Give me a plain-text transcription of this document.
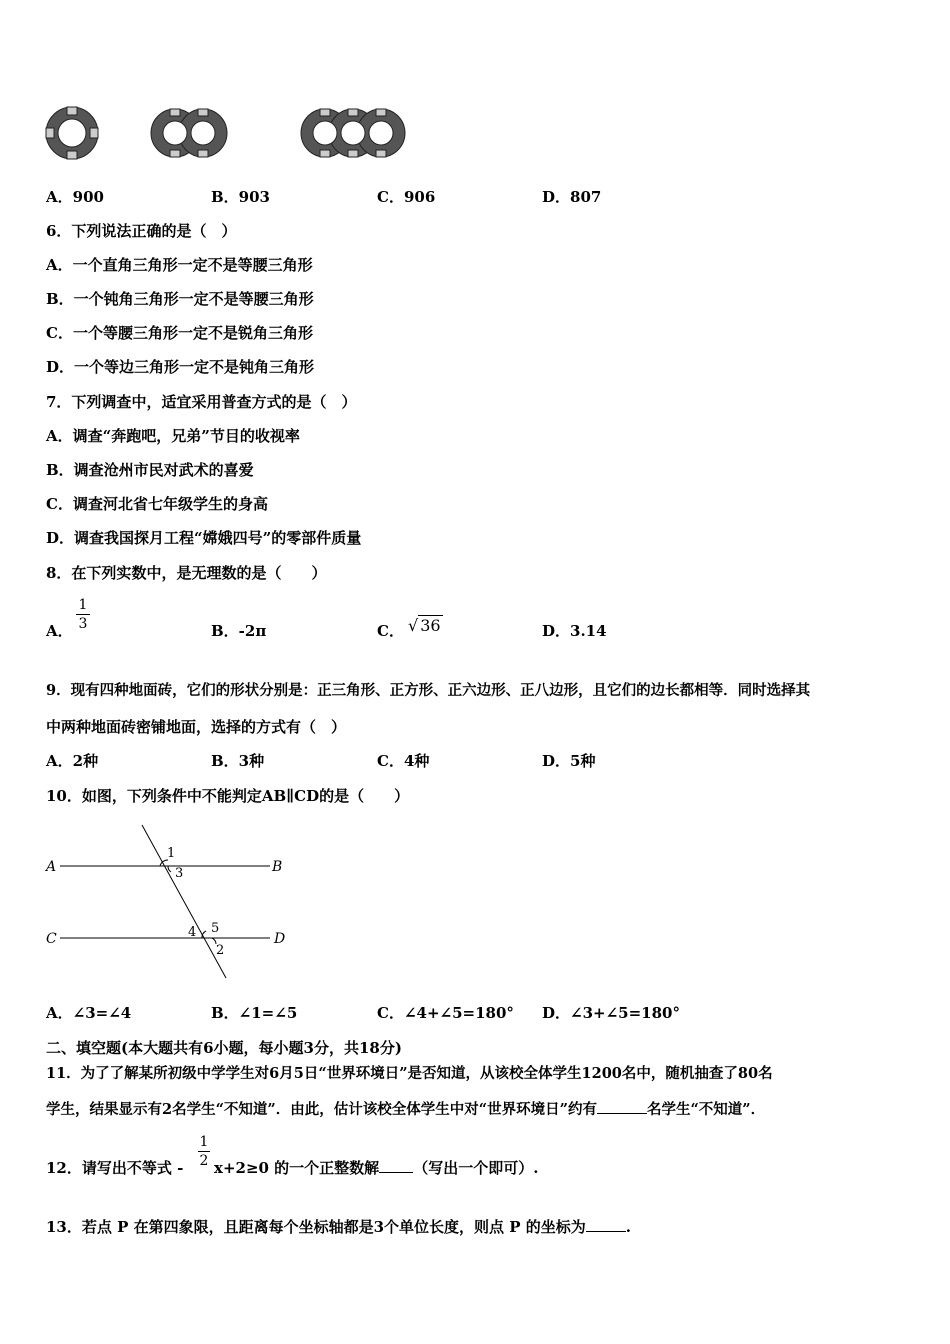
A．900	B．903	C．906	D．807
6．下列说法正确的是（　）
A．一个直角三角形一定不是等腰三角形
B．一个钝角三角形一定不是等腰三角形
C．一个等腰三角形一定不是锐角三角形
D．一个等边三角形一定不是钝角三角形
7．下列调查中，适宜采用普查方式的是（　）
A．调查“奔跑吧，兄弟”节目的收视率
B．调查沧州市民对武术的喜爱
C．调查河北省七年级学生的身高
D．调查我国探月工程“嫦娥四号”的零部件质量
8．在下列实数中，是无理数的是（　　）
A．
1
3	B．-2π	C． √ 36	D．3.14
9．现有四种地面砖，它们的形状分别是：正三角形、正方形、正六边形、正八边形，且它们的边长都相等．同时选择其
中两种地面砖密铺地面，选择的方式有（　）
A．2种	B．3种	C．4种	D．5种
10．如图，下列条件中不能判定AB∥CD的是（　　）
A	B
C	D
1
3
4 5
2
A．∠3=∠4	B．∠1=∠5	C．∠4+∠5=180° D．∠3+∠5=180°
二、填空题(本大题共有6小题，每小题3分，共18分)
11．为了了解某所初级中学学生对6月5日“世界环境日”是否知道，从该校全体学生1200名中，随机抽查了80名
学生，结果显示有2名学生“不知道”．由此，估计该校全体学生中对“世界环境日”约有	名学生“不知道”．
12．请写出不等式 -
1
2 x+2≥0 的一个正整数解 （写出一个即可）.
13．若点 P 在第四象限，且距离每个坐标轴都是3个单位长度，则点 P 的坐标为	.
